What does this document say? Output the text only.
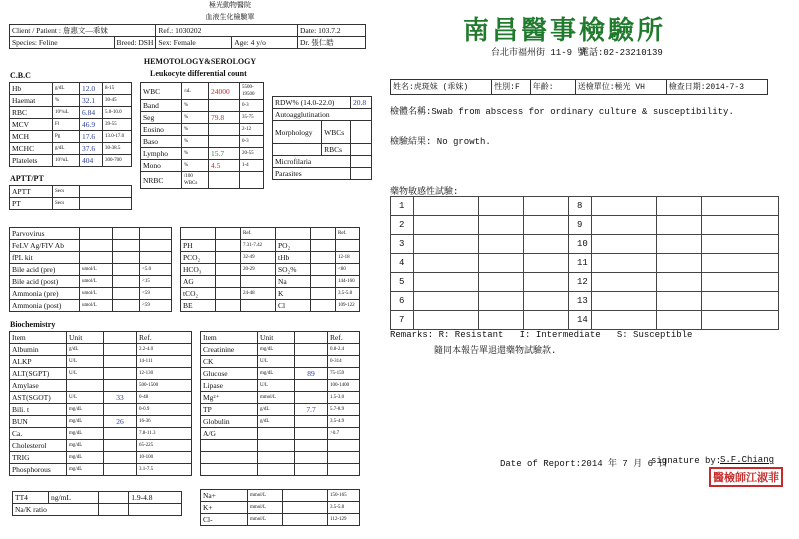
極光動物醫院
血液生化檢驗單
Client / Patient : 詹惠文—乖妹		Ref.: 1030202		Date: 103.7.2
Species: Feline	Breed: DSH	Sex: Female	Age: 4 y/o	Dr. 張仁皓
HEMOTOLOGY&SEROLOGY
C.B.C	Leukocyte differential count
Hb	g/dL	12.0	8-15
Haemat	%	32.1	30-45
RBC	10⁶/uL	6.84	5.0-10.0
MCV	Fl	46.9	39-55
MCH	Pg	17.6	13.0-17.0
MCHC	g/dL	37.6	30-38.5
Platelets	10³/uL	404	300-700
APTT/PT
APTT	Secs	
PT	Secs	
WBC	/uL	24000	5500-19500
Band	%		0-3
Seg	%	79.8	35-75
Eosino	%		2-12
Baso	%		0-3
Lympho	%	15.7	20-55
Mono	%	4.5	1-4
NRBC	/100 WBCs		
RDW% (14.0-22.0)		20.8
Autoagglutination		
Morphology	WBCs	
	RBCs	
Microfilaria		
Parasites		
Parvovirus			
FeLV Ag/FIV Ab			
fPL kit			
Bile acid (pre)	umol/L		<5.0
Bile acid (post)	umol/L		<15
Ammonia (pre)	umol/L		<59
Ammonia (post)	umol/L		<59
		Ref.			Ref.
PH		7.31-7.42	PO₂		
PCO₂		32-49	tHb		12-18
HCO₃		20-29	SO₂%		<80
AG			Na		144-160
tCO₂		24-48	K		3.5-5.8
BE			Cl		109-122
Biochemistry
Item	Unit		Ref.
Albumin	g/dL		2.2-4.0
ALKP	U/L		14-111
ALT(SGPT)	U/L		12-130
Amylase			500-1500
AST(SGOT)	U/L	33	0-48
Bili. t	mg/dL		0-0.9
BUN	mg/dL	26	16-36
Ca.	mg/dL		7.8-11.3
Cholesterol	mg/dL		65-225
TRIG	mg/dL		10-100
Phosphorous	mg/dL		3.1-7.5
Item	Unit		Ref.
Creatinine	mg/dL		0.8-2.4
CK	U/L		0-314
Glucose	mg/dL	89	75-159
Lipase	U/L		100-1400
Mg²⁺	mmol/L		1.5-3.0
TP	g/dL	7.7	5.7-8.9
Globulin	g/dL		3.5-4.9
A/G			>0.7

TT4	ng/mL		1.9-4.8
Na/K ratio			
Na+	mmol/L		150-165
K+	mmol/L		3.5-5.8
Cl-	mmol/L		112-129
南昌醫事檢驗所
台北市福州街 11-9 號
電話:02-23210139
姓名:虎斑妹 (乖妹)	性別:F	年齡:	送檢單位:極光 VH	檢查日期:2014-7-3
檢體名稱:Swab from abscess for ordinary culture & susceptibility.
檢驗結果: No growth.
藥物敏感性試驗:
1				8			
2				9			
3				10			
4				11			
5				12			
6				13			
7				14			
Remarks: R: Resistant   I: Intermediate   S: Susceptible
隨同本報告單退還藥物試驗款.
Date of Report:2014 年 7 月 6 日
signature by:
S.F.Chiang
醫檢師江淑菲
